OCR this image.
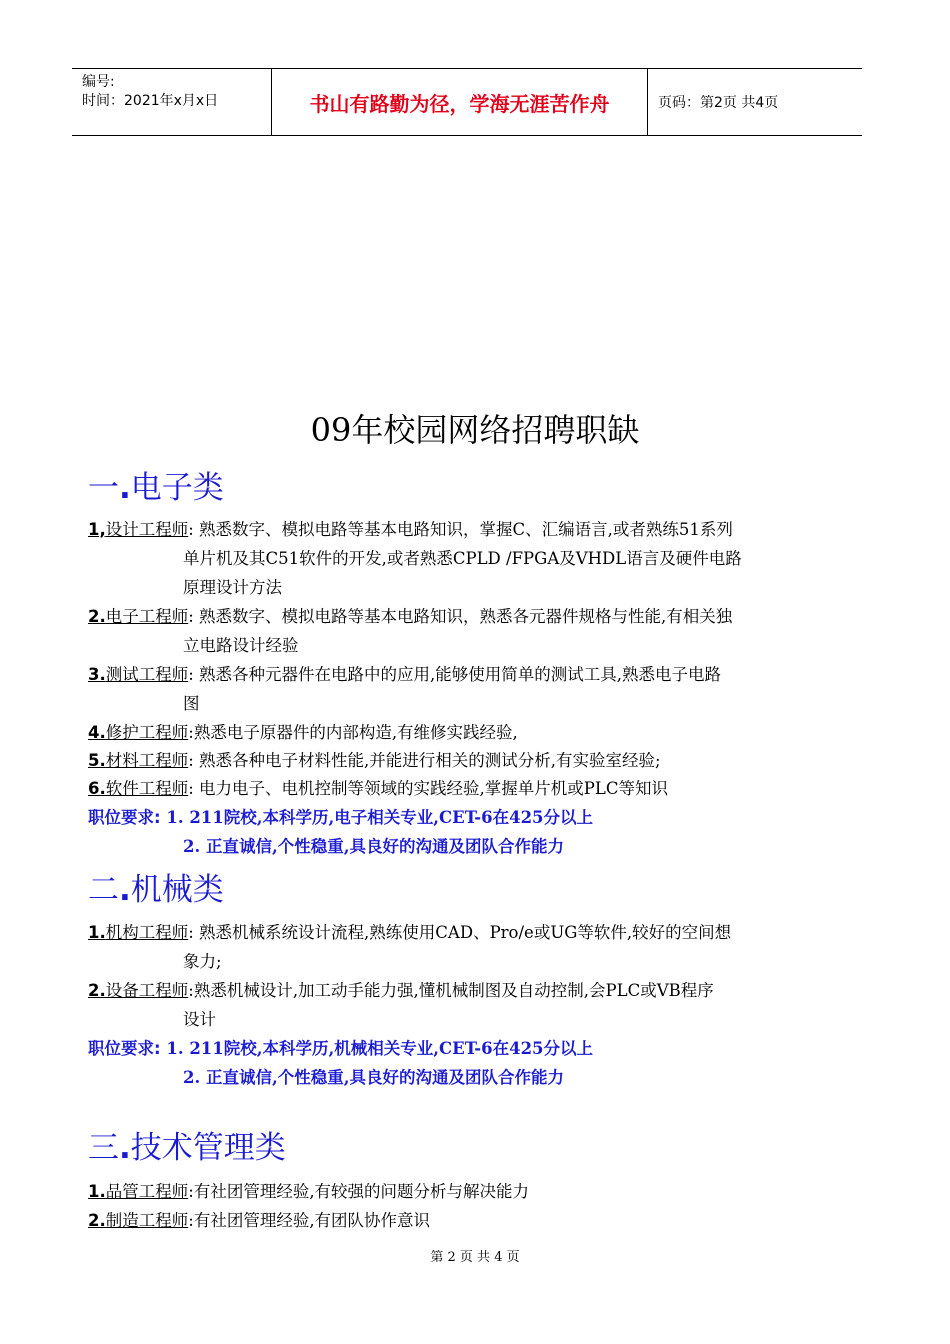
编号:
时间：2021年x月x日	书山有路勤为径，学海无涯苦作舟	页码：第2页 共4页
09年校园网络招聘职缺
一.电子类
1,设计工程师: 熟悉数字、模拟电路等基本电路知识，掌握C、汇编语言,或者熟练51系列
单片机及其C51软件的开发,或者熟悉CPLD /FPGA及VHDL语言及硬件电路
原理设计方法
2.电子工程师: 熟悉数字、模拟电路等基本电路知识，熟悉各元器件规格与性能,有相关独
立电路设计经验
3.测试工程师: 熟悉各种元器件在电路中的应用,能够使用简单的测试工具,熟悉电子电路
图
4.修护工程师:熟悉电子原器件的内部构造,有维修实践经验,
5.材料工程师: 熟悉各种电子材料性能,并能进行相关的测试分析,有实验室经验;
6.软件工程师: 电力电子、电机控制等领域的实践经验,掌握单片机或PLC等知识
职位要求: 1. 211院校,本科学历,电子相关专业,CET-6在425分以上
2. 正直诚信,个性稳重,具良好的沟通及团队合作能力
二.机械类
1.机构工程师: 熟悉机械系统设计流程,熟练使用CAD、Pro/e或UG等软件,较好的空间想
象力;
2.设备工程师:熟悉机械设计,加工动手能力强,懂机械制图及自动控制,会PLC或VB程序
设计
职位要求: 1. 211院校,本科学历,机械相关专业,CET-6在425分以上
2. 正直诚信,个性稳重,具良好的沟通及团队合作能力
三.技术管理类
1.品管工程师:有社团管理经验,有较强的问题分析与解决能力
2.制造工程师:有社团管理经验,有团队协作意识
第 2 页 共 4 页
